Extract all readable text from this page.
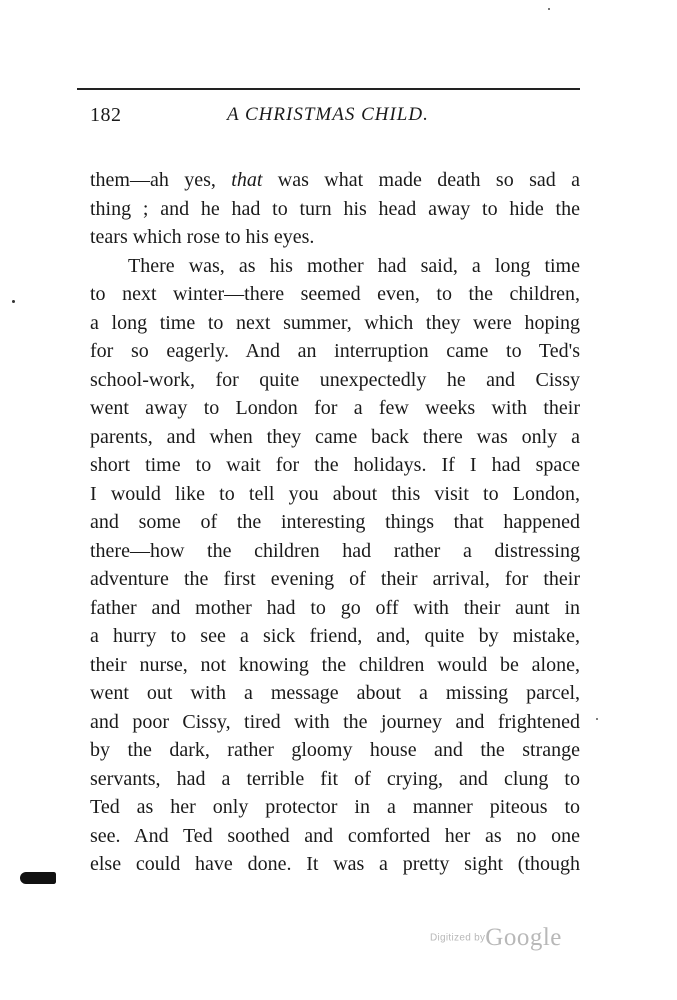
182	A CHRISTMAS CHILD.
them—ah yes, that was what made death so sad a
thing ; and he had to turn his head away to hide the
tears which rose to his eyes.
There was, as his mother had said, a long time
to next winter—there seemed even, to the children,
a long time to next summer, which they were hoping
for so eagerly. And an interruption came to Ted's
school-work, for quite unexpectedly he and Cissy
went away to London for a few weeks with their
parents, and when they came back there was only a
short time to wait for the holidays. If I had space
I would like to tell you about this visit to London,
and some of the interesting things that happened
there—how the children had rather a distressing
adventure the first evening of their arrival, for their
father and mother had to go off with their aunt in
a hurry to see a sick friend, and, quite by mistake,
their nurse, not knowing the children would be alone,
went out with a message about a missing parcel,
and poor Cissy, tired with the journey and frightened
by the dark, rather gloomy house and the strange
servants, had a terrible fit of crying, and clung to
Ted as her only protector in a manner piteous to
see. And Ted soothed and comforted her as no one
else could have done. It was a pretty sight (though
Digitized byGoogle
